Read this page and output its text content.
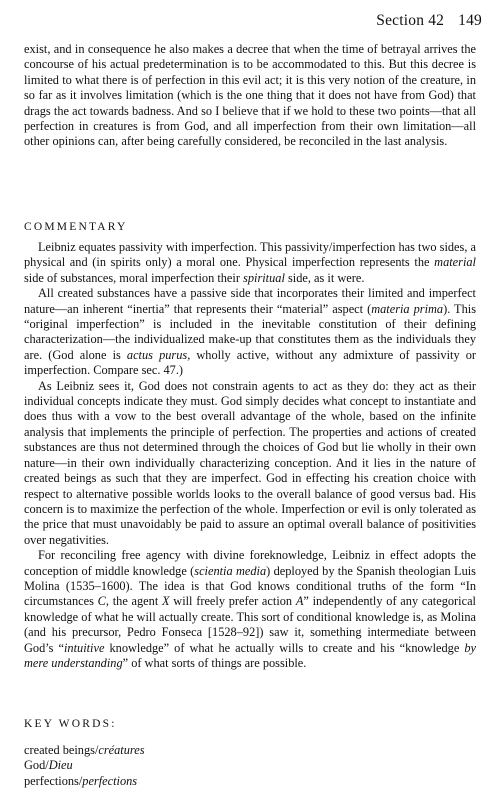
Section 42 149

exist, and in consequence he also makes a decree that when the time of betrayal arrives the concourse of his actual predetermination is to be accommodated to this. But this decree is limited to what there is of perfection in this evil act; it is this very notion of the creature, in so far as it involves limitation (which is the one thing that it does not have from God) that drags the act towards badness. And so I believe that if we hold to these two points—that all perfection in creatures is from God, and all imperfection from their own limitation—all other opinions can, after being carefully considered, be reconciled in the last analysis.

COMMENTARY

Leibniz equates passivity with imperfection. This passivity/imperfection has two sides, a physical and (in spirits only) a moral one. Physical imperfection represents the material side of substances, moral imperfection their spiritual side, as it were.

All created substances have a passive side that incorporates their limited and imperfect nature—an inherent “inertia” that represents their “material” aspect (materia prima). This “original imperfection” is included in the inevitable constitution of their defining characterization—the individualized make-up that constitutes them as the individuals they are. (God alone is actus purus, wholly active, without any admixture of passivity or imperfection. Compare sec. 47.)

As Leibniz sees it, God does not constrain agents to act as they do: they act as their individual concepts indicate they must. God simply decides what concept to instantiate and does thus with a vow to the best overall advantage of the whole, based on the infinite analysis that implements the principle of perfection. The properties and actions of created substances are thus not determined through the choices of God but lie wholly in their own nature—in their own individually characterizing conception. And it lies in the nature of created beings as such that they are imperfect. God in effecting his creation choice with respect to alternative possible worlds looks to the overall balance of good versus bad. His concern is to maximize the perfection of the whole. Imperfection or evil is only tolerated as the price that must unavoidably be paid to assure an optimal overall balance of positivities over negativities.

For reconciling free agency with divine foreknowledge, Leibniz in effect adopts the conception of middle knowledge (scientia media) deployed by the Spanish theologian Luis Molina (1535–1600). The idea is that God knows conditional truths of the form “In circumstances C, the agent X will freely prefer action A” independently of any categorical knowledge of what he will actually create. This sort of conditional knowledge is, as Molina (and his precursor, Pedro Fonseca [1528–92]) saw it, something intermediate between God’s “intuitive knowledge” of what he actually wills to create and his “knowledge by mere understanding” of what sorts of things are possible.

KEY WORDS:
created beings/créatures
God/Dieu
perfections/perfections
